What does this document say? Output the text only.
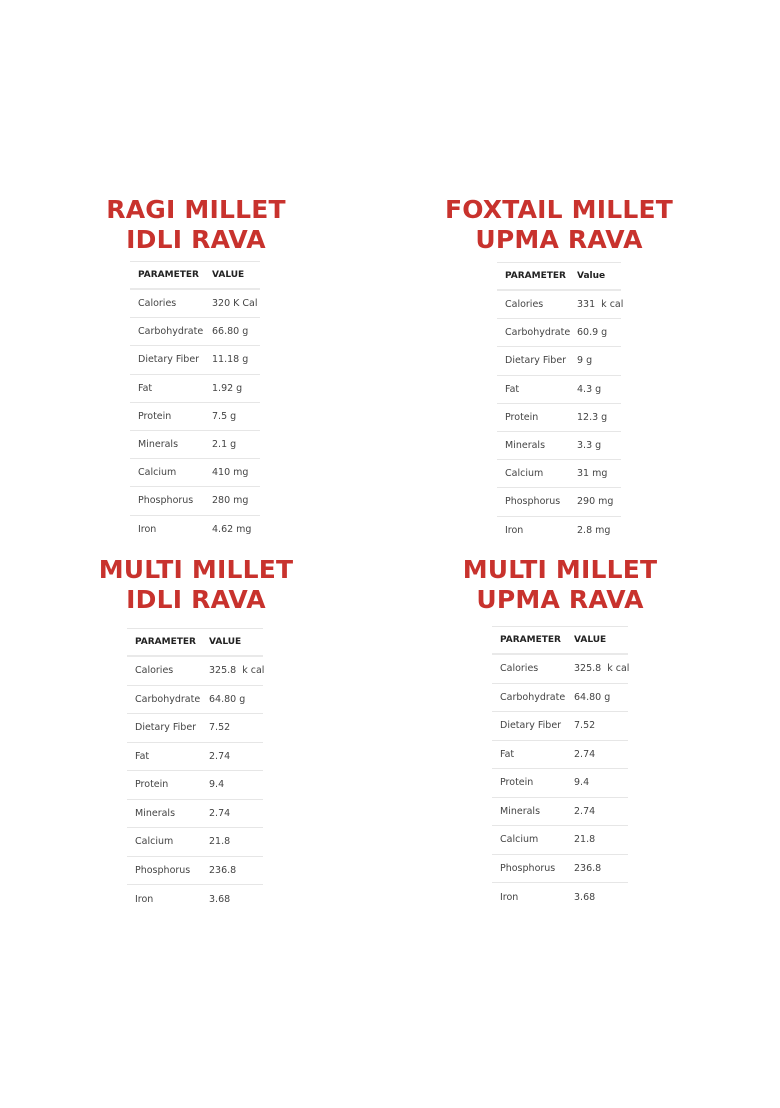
RAGI MILLET
IDLI RAVA
PARAMETER VALUE
Calories	320 K Cal
Carbohydrate 66.80 g
Dietary Fiber 11.18 g
Fat	1.92 g
Protein	7.5 g
Minerals	2.1 g
Calcium	410 mg
Phosphorus 280 mg
Iron	4.62 mg
FOXTAIL MILLET
UPMA RAVA
PARAMETER Value
Calories	331  k cal
Carbohydrate 60.9 g
Dietary Fiber 9 g
Fat	4.3 g
Protein	12.3 g
Minerals	3.3 g
Calcium	31 mg
Phosphorus 290 mg
Iron	2.8 mg
MULTI MILLET
IDLI RAVA
PARAMETER VALUE
Calories	325.8  k cal
Carbohydrate 64.80 g
Dietary Fiber 7.52
Fat	2.74
Protein	9.4
Minerals	2.74
Calcium	21.8
Phosphorus 236.8
Iron	3.68
MULTI MILLET
UPMA RAVA
PARAMETER VALUE
Calories	325.8  k cal
Carbohydrate 64.80 g
Dietary Fiber 7.52
Fat	2.74
Protein	9.4
Minerals	2.74
Calcium	21.8
Phosphorus 236.8
Iron	3.68
